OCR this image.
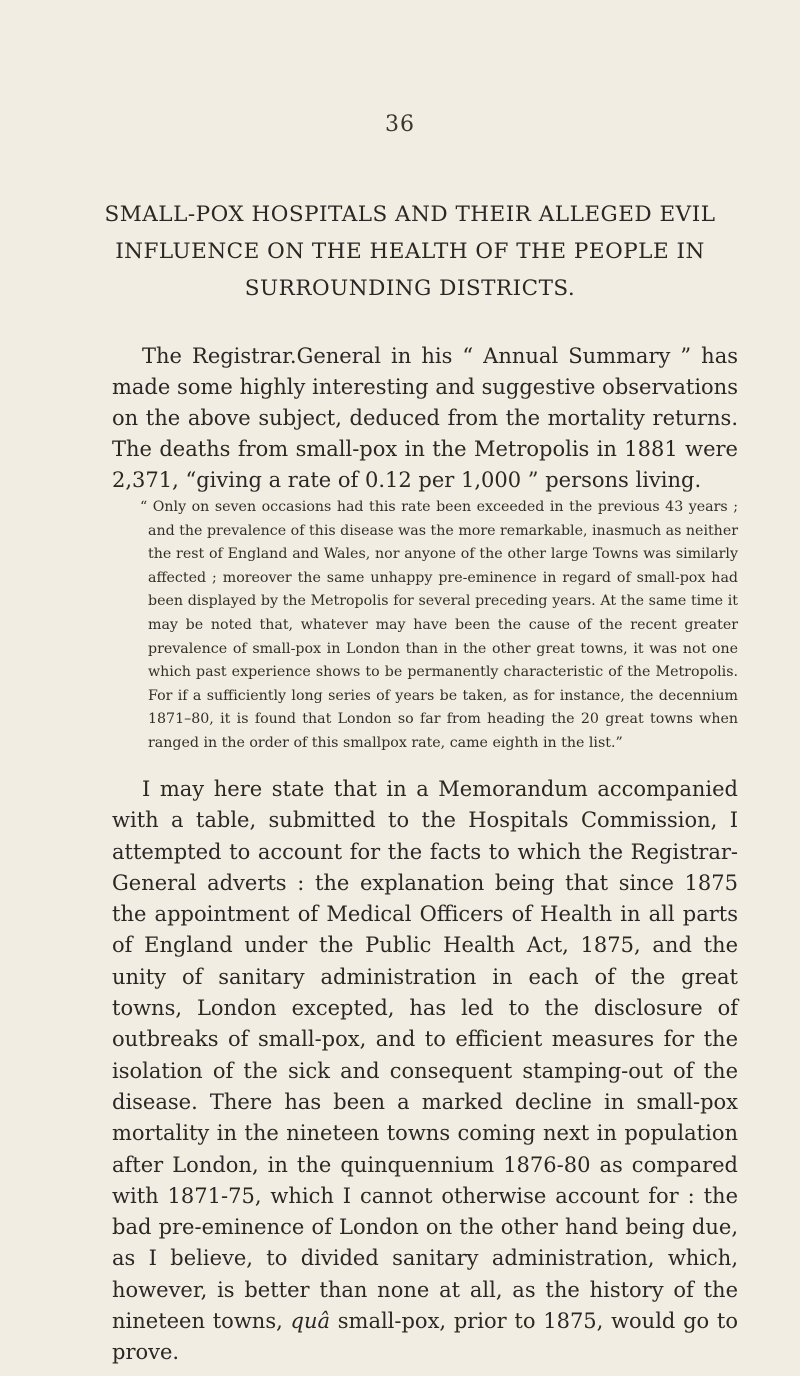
36
SMALL-POX HOSPITALS AND THEIR ALLEGED EVIL INFLUENCE ON THE HEALTH OF THE PEOPLE IN SURROUNDING DISTRICTS.
The Registrar.General in his “ Annual Summary ” has made some highly interesting and suggestive observations on the above subject, deduced from the mortality returns. The deaths from small-pox in the Metropolis in 1881 were 2,371, “giving a rate of 0.12 per 1,000 ” persons living.
“ Only on seven occasions had this rate been exceeded in the previous 43 years ; and the prevalence of this disease was the more remarkable, inasmuch as neither the rest of England and Wales, nor anyone of the other large Towns was similarly affected ; moreover the same unhappy pre-eminence in regard of small-pox had been displayed by the Metropolis for several preceding years. At the same time it may be noted that, whatever may have been the cause of the recent greater prevalence of small-pox in London than in the other great towns, it was not one which past experience shows to be permanently characteristic of the Metropolis. For if a sufficiently long series of years be taken, as for instance, the decennium 1871–80, it is found that London so far from heading the 20 great towns when ranged in the order of this smallpox rate, came eighth in the list.”
I may here state that in a Memorandum accompanied with a table, submitted to the Hospitals Commission, I attempted to account for the facts to which the Registrar-General adverts : the explanation being that since 1875 the appointment of Medical Officers of Health in all parts of England under the Public Health Act, 1875, and the unity of sanitary administration in each of the great towns, London excepted, has led to the disclosure of outbreaks of small-pox, and to efficient measures for the isolation of the sick and consequent stamping-out of the disease. There has been a marked decline in small-pox mortality in the nineteen towns coming next in population after London, in the quinquennium 1876-80 as compared with 1871-75, which I cannot otherwise account for : the bad pre-eminence of London on the other hand being due, as I believe, to divided sanitary administration, which, however, is better than none at all, as the history of the nineteen towns, quâ small-pox, prior to 1875, would go to prove.
